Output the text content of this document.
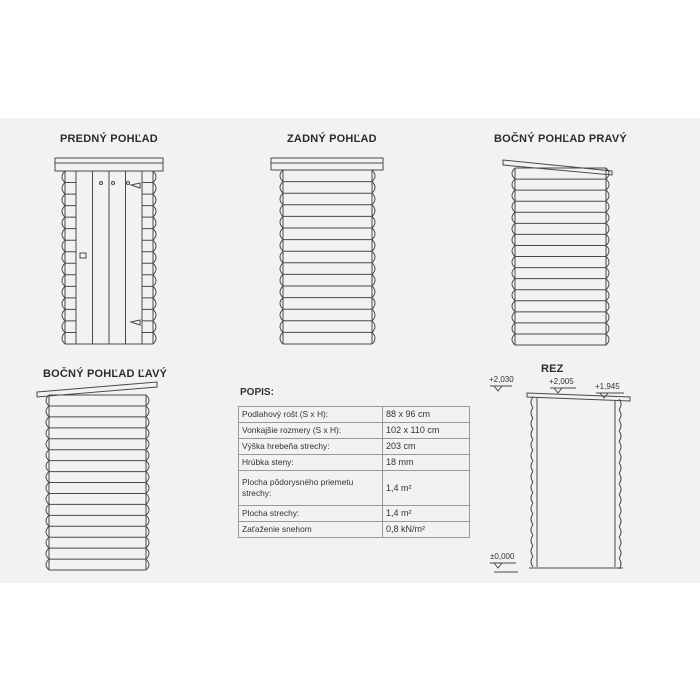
PREDNÝ POHĽAD	ZADNÝ POHĽAD	BOČNÝ POHĽAD PRAVÝ
BOČNÝ POHĽAD ĽAVÝ	REZ
POPIS:
Podlahový rošt (S x H):	88 x 96 cm
Vonkajšie rozmery (S x H):	102 x 110 cm
Výška hrebeňa strechy:	203 cm
Hrúbka steny:	18 mm
Plocha pôdorysného priemetu strechy:	1,4 m²
Plocha strechy:	1,4 m²
Zaťaženie snehom	0,8 kN/m²
+2,030	+2,005
+1,945
±0,000
